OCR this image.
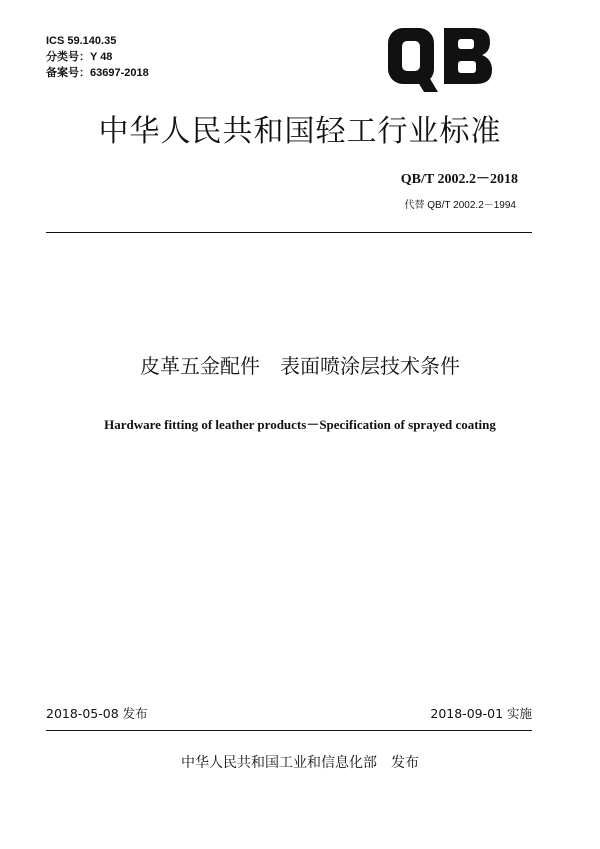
ICS 59.140.35
分类号：Y 48
备案号：63697-2018
中华人民共和国轻工行业标准
QB/T 2002.2－2018
代替 QB/T 2002.2－1994
皮革五金配件　表面喷涂层技术条件
Hardware fitting of leather products－Specification of sprayed coating
2018-05-08 发布	2018-09-01 实施
中华人民共和国工业和信息化部　发布
